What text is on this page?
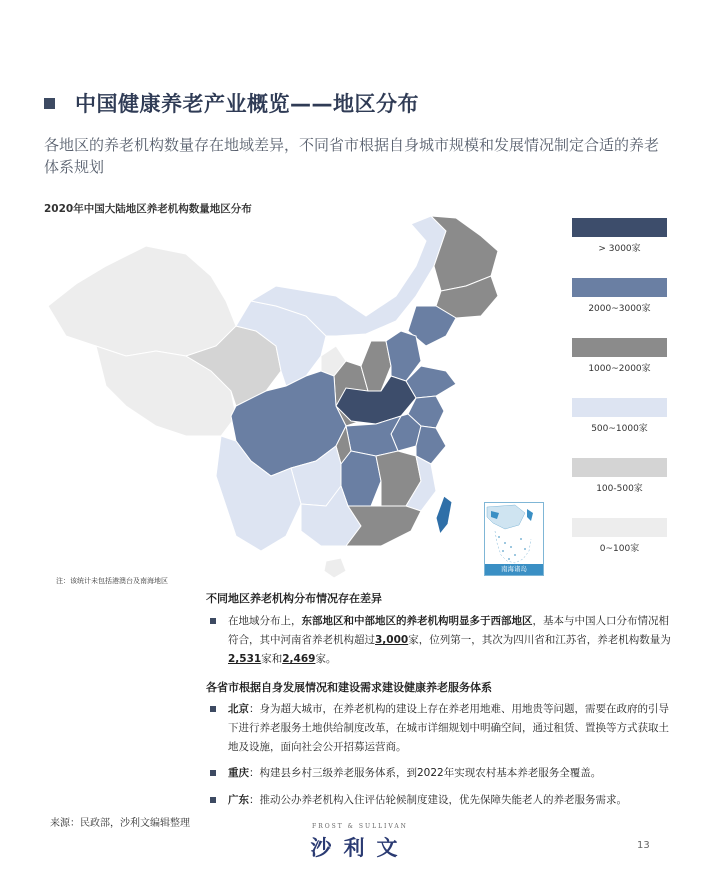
中国健康养老产业概览——地区分布
各地区的养老机构数量存在地域差异，不同省市根据自身城市规模和发展情况制定合适的养老体系规划
2020年中国大陆地区养老机构数量地区分布
南海诸岛
> 3000家
2000~3000家
1000~2000家
500~1000家
100-500家
0~100家
注：该统计未包括港澳台及南海地区
不同地区养老机构分布情况存在差异
在地域分布上，东部地区和中部地区的养老机构明显多于西部地区，基本与中国人口分布情况相符合，其中河南省养老机构超过3,000家，位列第一，其次为四川省和江苏省，养老机构数量为2,531家和2,469家。
各省市根据自身发展情况和建设需求建设健康养老服务体系
北京：身为超大城市，在养老机构的建设上存在养老用地难、用地贵等问题，需要在政府的引导下进行养老服务土地供给制度改革，在城市详细规划中明确空间，通过租赁、置换等方式获取土地及设施，面向社会公开招募运营商。
重庆：构建县乡村三级养老服务体系，到2022年实现农村基本养老服务全覆盖。
广东：推动公办养老机构入住评估轮候制度建设，优先保障失能老人的养老服务需求。
来源：民政部，沙利文编辑整理	FROST & SULLIVAN
沙利文	13
